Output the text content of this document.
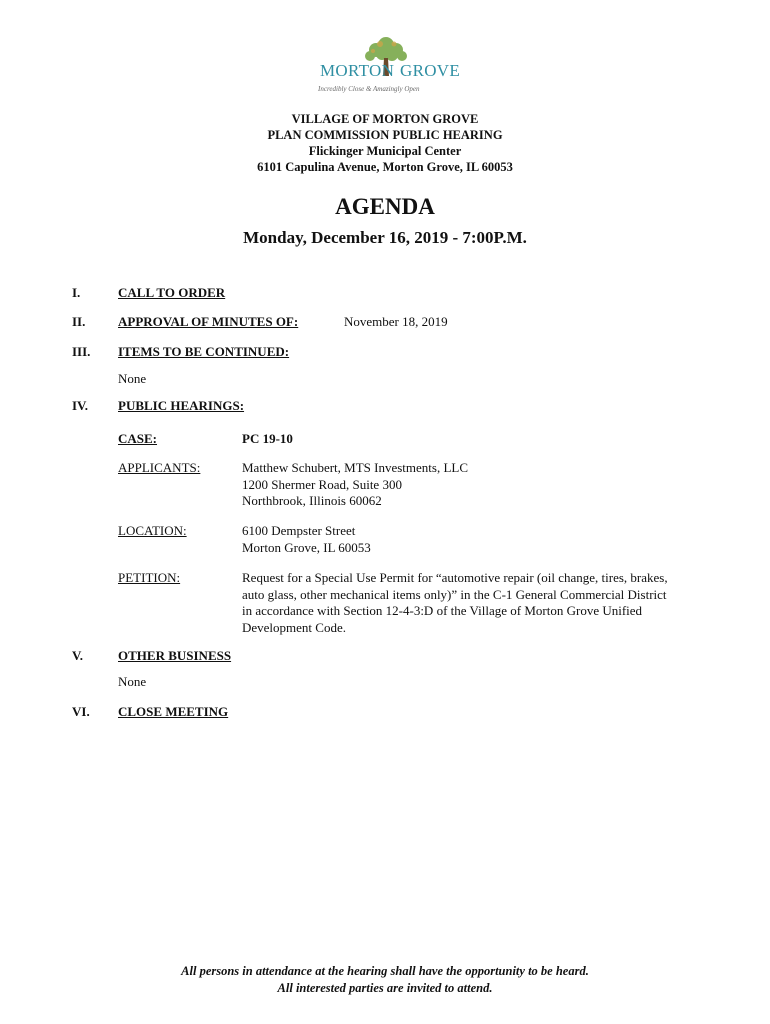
MORTON GROVE
Incredibly Close & Amazingly Open
VILLAGE OF MORTON GROVE
PLAN COMMISSION PUBLIC HEARING
Flickinger Municipal Center
6101 Capulina Avenue, Morton Grove, IL 60053
AGENDA
Monday, December 16, 2019 - 7:00P.M.
I.	CALL TO ORDER
II.	APPROVAL OF MINUTES OF:	November 18, 2019
III. ITEMS TO BE CONTINUED:
None
IV. PUBLIC HEARINGS:
CASE:	PC 19-10
APPLICANTS:	Matthew Schubert, MTS Investments, LLC
1200 Shermer Road, Suite 300
Northbrook, Illinois 60062
LOCATION:	6100 Dempster Street
Morton Grove, IL 60053
PETITION:	Request for a Special Use Permit for “automotive repair (oil change, tires, brakes,
auto glass, other mechanical items only)” in the C-1 General Commercial District
in accordance with Section 12-4-3:D of the Village of Morton Grove Unified
Development Code.
V.	OTHER BUSINESS
None
VI. CLOSE MEETING
All persons in attendance at the hearing shall have the opportunity to be heard.
All interested parties are invited to attend.
